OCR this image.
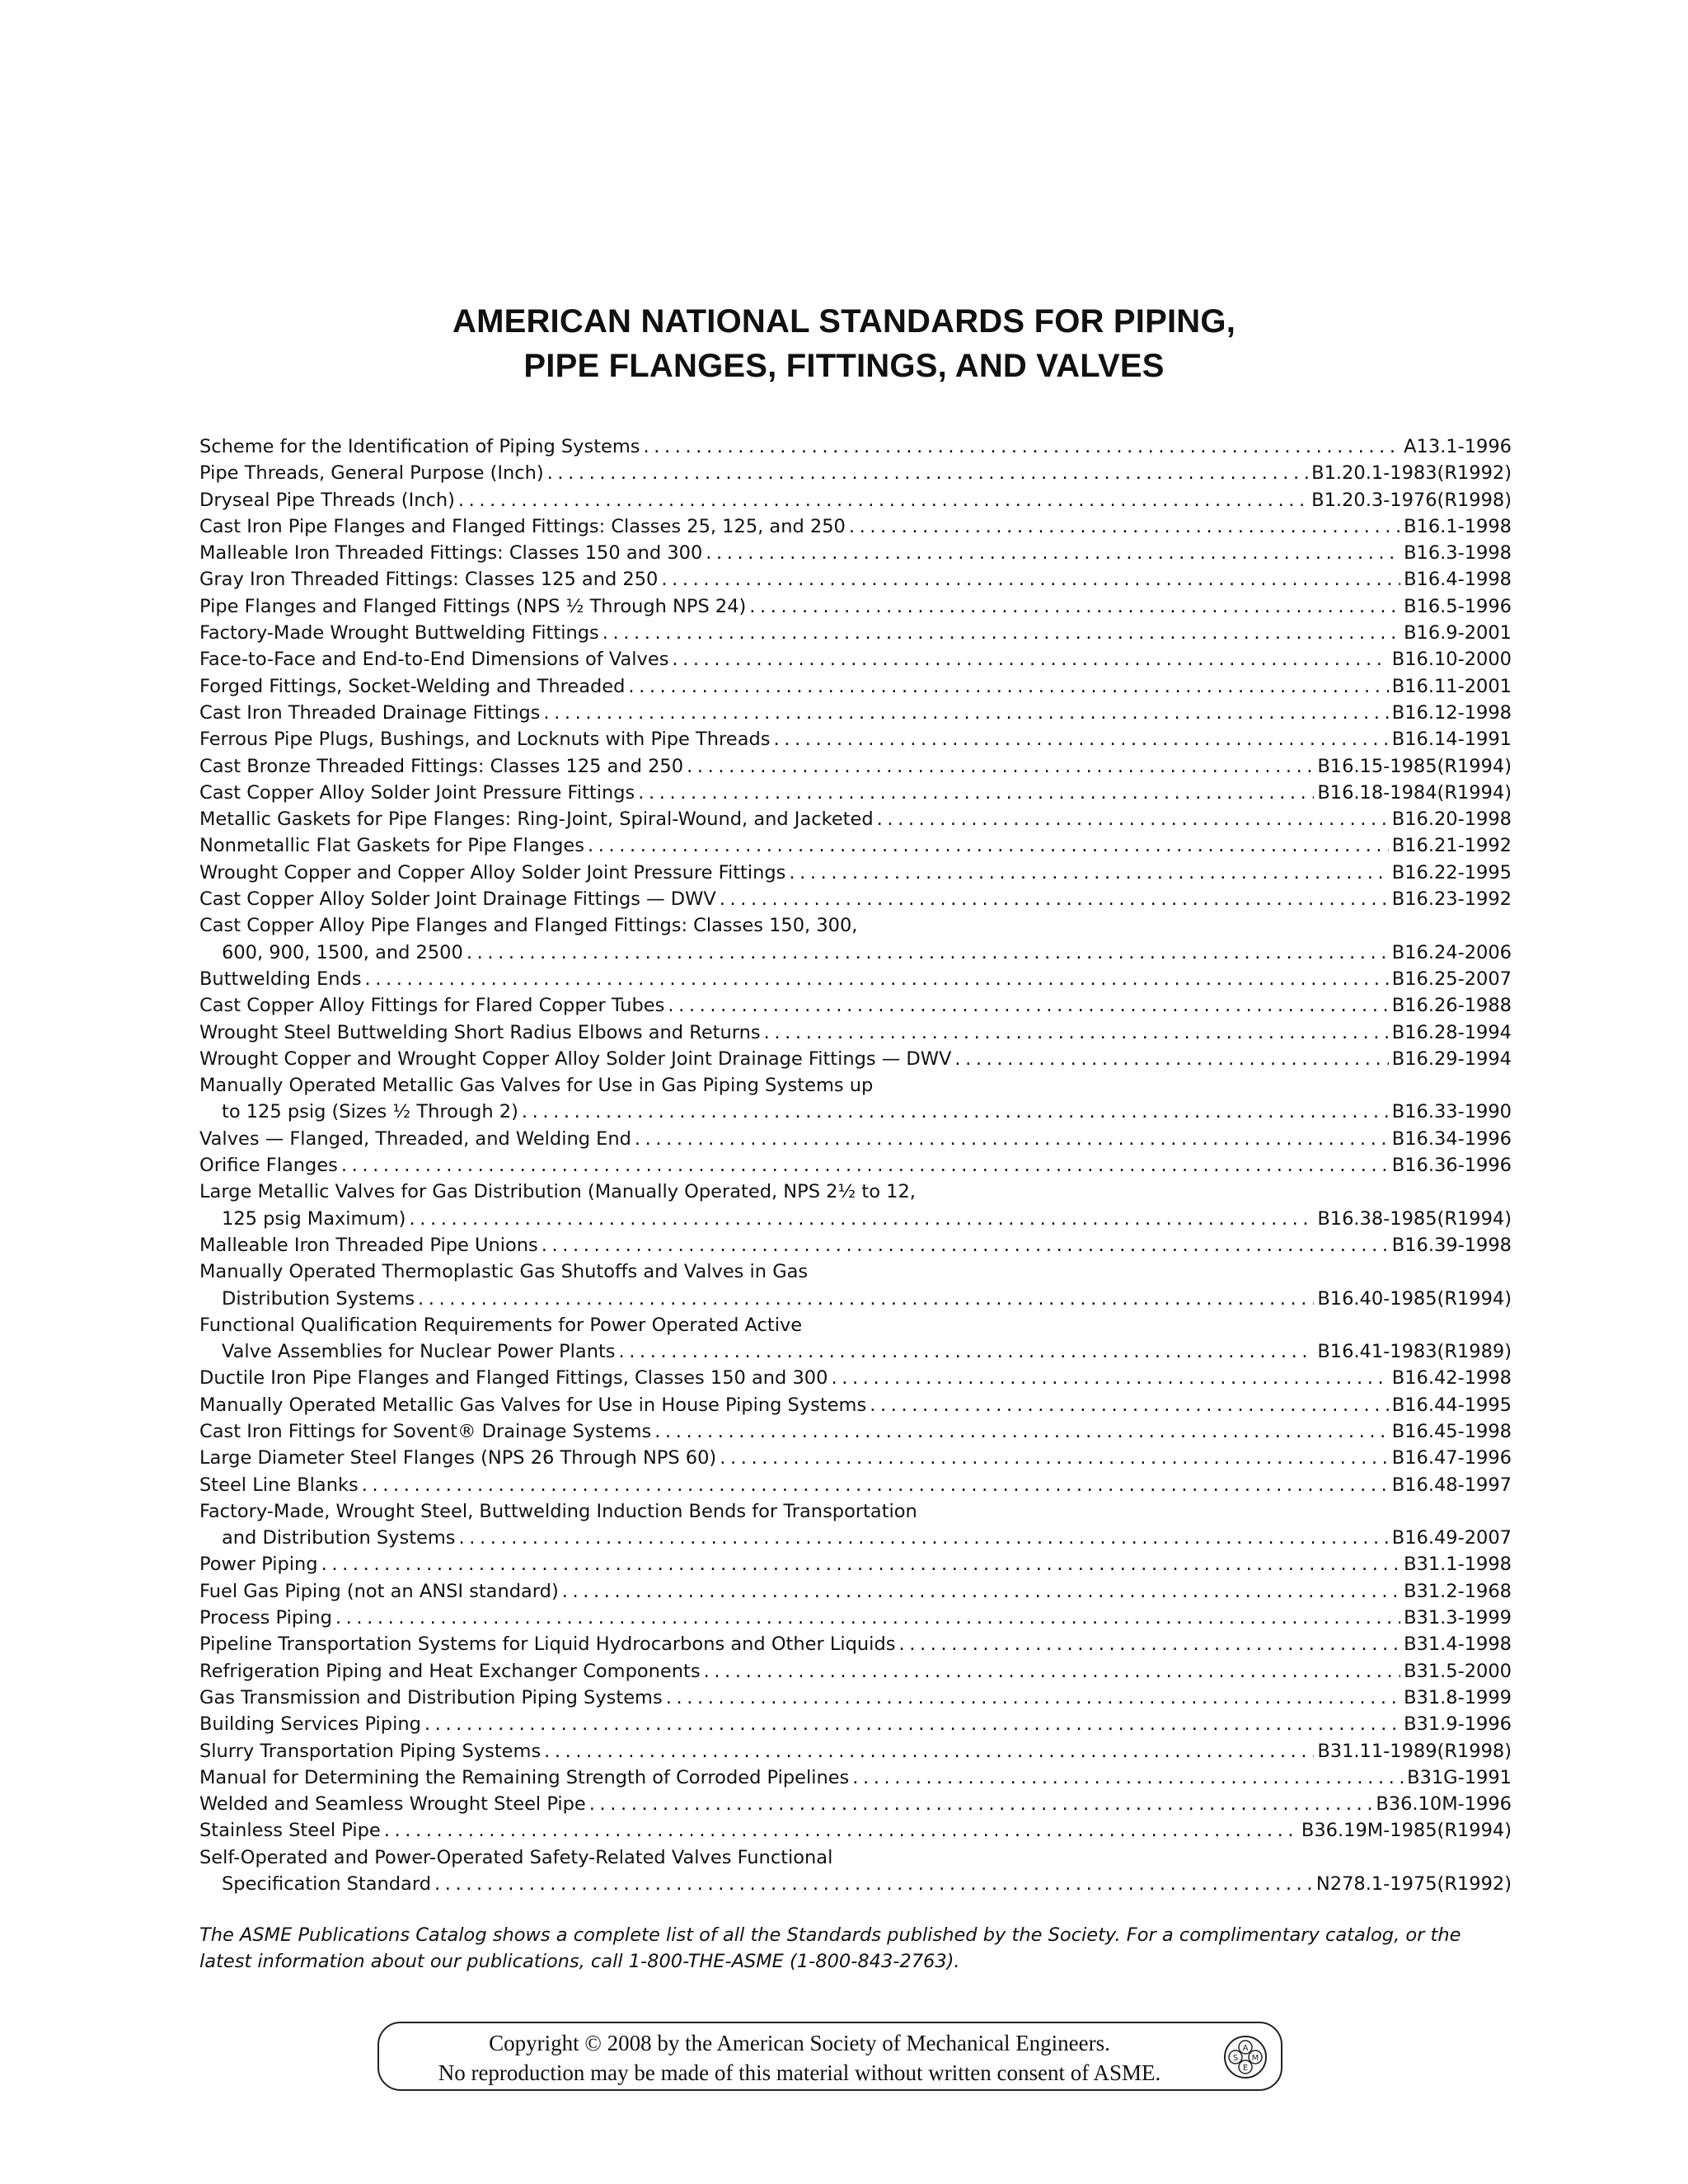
AMERICAN NATIONAL STANDARDS FOR PIPING,
PIPE FLANGES, FITTINGS, AND VALVES
Scheme for the Identification of Piping Systems .....	A13.1-1996
Pipe Threads, General Purpose (Inch) .....	B1.20.1-1983(R1992)
Dryseal Pipe Threads (Inch) .....	B1.20.3-1976(R1998)
Cast Iron Pipe Flanges and Flanged Fittings: Classes 25, 125, and 250 .....	B16.1-1998
Malleable Iron Threaded Fittings: Classes 150 and 300 .....	B16.3-1998
Gray Iron Threaded Fittings: Classes 125 and 250 .....	B16.4-1998
Pipe Flanges and Flanged Fittings (NPS ½ Through NPS 24) .....	B16.5-1996
Factory-Made Wrought Buttwelding Fittings .....	B16.9-2001
Face-to-Face and End-to-End Dimensions of Valves .....	B16.10-2000
Forged Fittings, Socket-Welding and Threaded .....	B16.11-2001
Cast Iron Threaded Drainage Fittings .....	B16.12-1998
Ferrous Pipe Plugs, Bushings, and Locknuts with Pipe Threads .....	B16.14-1991
Cast Bronze Threaded Fittings: Classes 125 and 250 .....	B16.15-1985(R1994)
Cast Copper Alloy Solder Joint Pressure Fittings .....	B16.18-1984(R1994)
Metallic Gaskets for Pipe Flanges: Ring-Joint, Spiral-Wound, and Jacketed .....	B16.20-1998
Nonmetallic Flat Gaskets for Pipe Flanges .....	B16.21-1992
Wrought Copper and Copper Alloy Solder Joint Pressure Fittings .....	B16.22-1995
Cast Copper Alloy Solder Joint Drainage Fittings — DWV .....	B16.23-1992
Cast Copper Alloy Pipe Flanges and Flanged Fittings: Classes 150, 300,
600, 900, 1500, and 2500 .....	B16.24-2006
Buttwelding Ends .....	B16.25-2007
Cast Copper Alloy Fittings for Flared Copper Tubes .....	B16.26-1988
Wrought Steel Buttwelding Short Radius Elbows and Returns .....	B16.28-1994
Wrought Copper and Wrought Copper Alloy Solder Joint Drainage Fittings — DWV .....	B16.29-1994
Manually Operated Metallic Gas Valves for Use in Gas Piping Systems up
to 125 psig (Sizes ½ Through 2) .....	B16.33-1990
Valves — Flanged, Threaded, and Welding End .....	B16.34-1996
Orifice Flanges .....	B16.36-1996
Large Metallic Valves for Gas Distribution (Manually Operated, NPS 2½ to 12,
125 psig Maximum) .....	B16.38-1985(R1994)
Malleable Iron Threaded Pipe Unions .....	B16.39-1998
Manually Operated Thermoplastic Gas Shutoffs and Valves in Gas
Distribution Systems .....	B16.40-1985(R1994)
Functional Qualification Requirements for Power Operated Active
Valve Assemblies for Nuclear Power Plants .....	B16.41-1983(R1989)
Ductile Iron Pipe Flanges and Flanged Fittings, Classes 150 and 300 .....	B16.42-1998
Manually Operated Metallic Gas Valves for Use in House Piping Systems .....	B16.44-1995
Cast Iron Fittings for Sovent® Drainage Systems .....	B16.45-1998
Large Diameter Steel Flanges (NPS 26 Through NPS 60) .....	B16.47-1996
Steel Line Blanks .....	B16.48-1997
Factory-Made, Wrought Steel, Buttwelding Induction Bends for Transportation
and Distribution Systems .....	B16.49-2007
Power Piping .....	B31.1-1998
Fuel Gas Piping (not an ANSI standard) .....	B31.2-1968
Process Piping .....	B31.3-1999
Pipeline Transportation Systems for Liquid Hydrocarbons and Other Liquids .....	B31.4-1998
Refrigeration Piping and Heat Exchanger Components .....	B31.5-2000
Gas Transmission and Distribution Piping Systems .....	B31.8-1999
Building Services Piping .....	B31.9-1996
Slurry Transportation Piping Systems .....	B31.11-1989(R1998)
Manual for Determining the Remaining Strength of Corroded Pipelines .....	B31G-1991
Welded and Seamless Wrought Steel Pipe .....	B36.10M-1996
Stainless Steel Pipe .....	B36.19M-1985(R1994)
Self-Operated and Power-Operated Safety-Related Valves Functional
Specification Standard .....	N278.1-1975(R1992)

The ASME Publications Catalog shows a complete list of all the Standards published by the Society. For a complimentary catalog, or the latest information about our publications, call 1-800-THE-ASME (1-800-843-2763).

Copyright © 2008 by the American Society of Mechanical Engineers.
No reproduction may be made of this material without written consent of ASME.
A
S M
E
